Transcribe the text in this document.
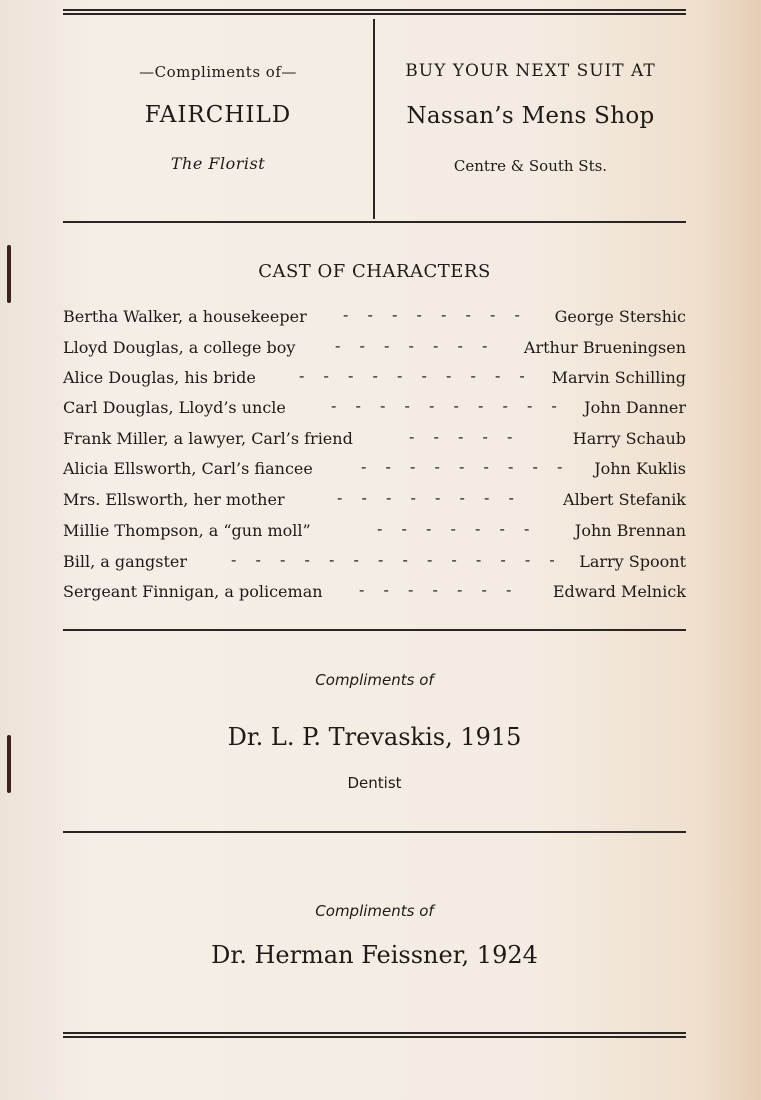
—Compliments of—
FAIRCHILD
The Florist
BUY YOUR NEXT SUIT AT
Nassan’s Mens Shop
Centre & South Sts.
CAST OF CHARACTERS
Bertha Walker, a housekeeper - - - - - - - - George Stershic
Lloyd Douglas, a college boy - - - - - - - Arthur Brueningsen
Alice Douglas, his bride	- - - - - - - - - - Marvin Schilling
Carl Douglas, Lloyd’s uncle	- - - - - - - - - - John Danner
Frank Miller, a lawyer, Carl’s friend	- - - - -	Harry Schaub
Alicia Ellsworth, Carl’s fiancee	- - - - - - - - - John Kuklis
Mrs. Ellsworth, her mother	- - - - - - - -	Albert Stefanik
Millie Thompson, a “gun moll”	- - - - - - - John Brennan
Bill, a gangster	- - - - - - - - - - - - - - Larry Spoont
Sergeant Finnigan, a policeman - - - - - - - Edward Melnick
Compliments of
Dr. L. P. Trevaskis, 1915
Dentist
Compliments of
Dr. Herman Feissner, 1924
